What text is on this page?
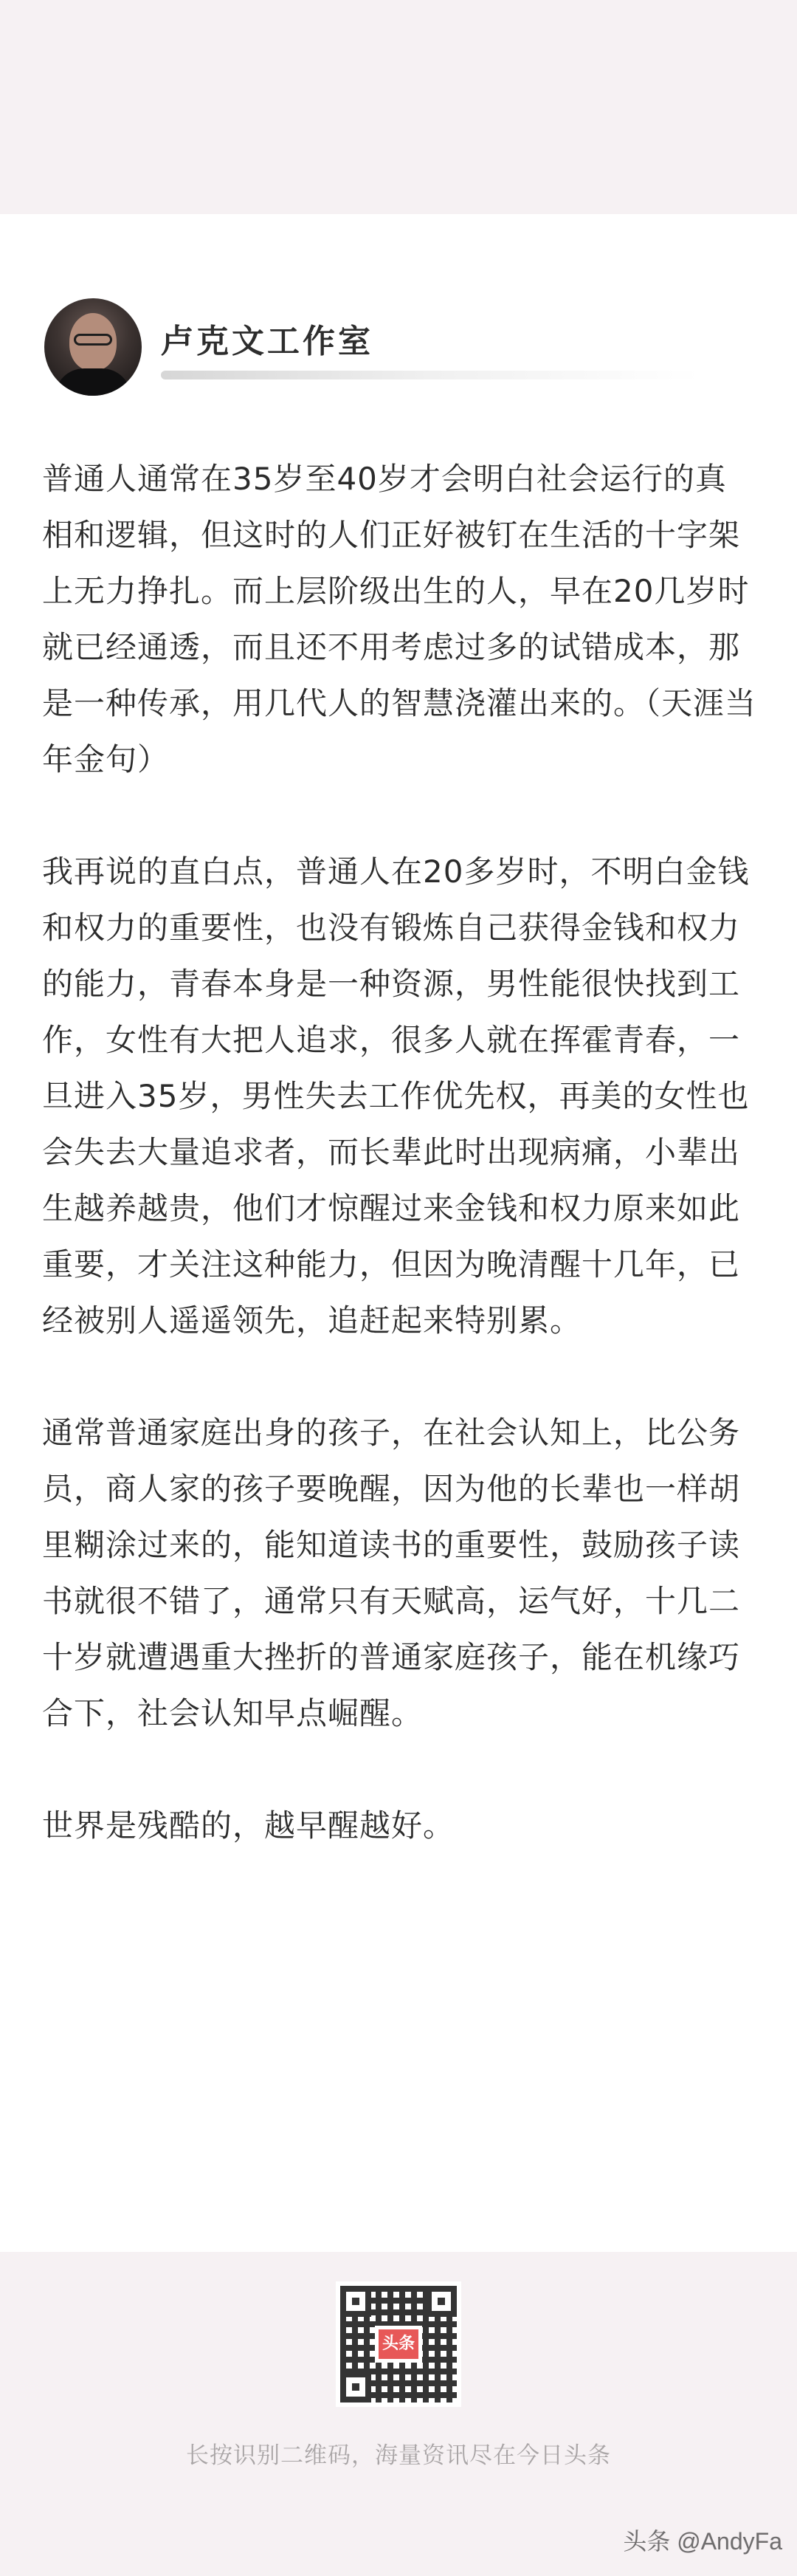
卢克文工作室

普通人通常在35岁至40岁才会明白社会运行的真相和逻辑，但这时的人们正好被钉在生活的十字架上无力挣扎。而上层阶级出生的人，早在20几岁时就已经通透，而且还不用考虑过多的试错成本，那是一种传承，用几代人的智慧浇灌出来的。（天涯当年金句）

我再说的直白点，普通人在20多岁时，不明白金钱和权力的重要性，也没有锻炼自己获得金钱和权力的能力，青春本身是一种资源，男性能很快找到工作，女性有大把人追求，很多人就在挥霍青春，一旦进入35岁，男性失去工作优先权，再美的女性也会失去大量追求者，而长辈此时出现病痛，小辈出生越养越贵，他们才惊醒过来金钱和权力原来如此重要，才关注这种能力，但因为晚清醒十几年，已经被别人遥遥领先，追赶起来特别累。

通常普通家庭出身的孩子，在社会认知上，比公务员，商人家的孩子要晚醒，因为他的长辈也一样胡里糊涂过来的，能知道读书的重要性，鼓励孩子读书就很不错了，通常只有天赋高，运气好，十几二十岁就遭遇重大挫折的普通家庭孩子，能在机缘巧合下，社会认知早点崛醒。

世界是残酷的，越早醒越好。

头条
长按识别二维码，海量资讯尽在今日头条
头条 @AndyFa
